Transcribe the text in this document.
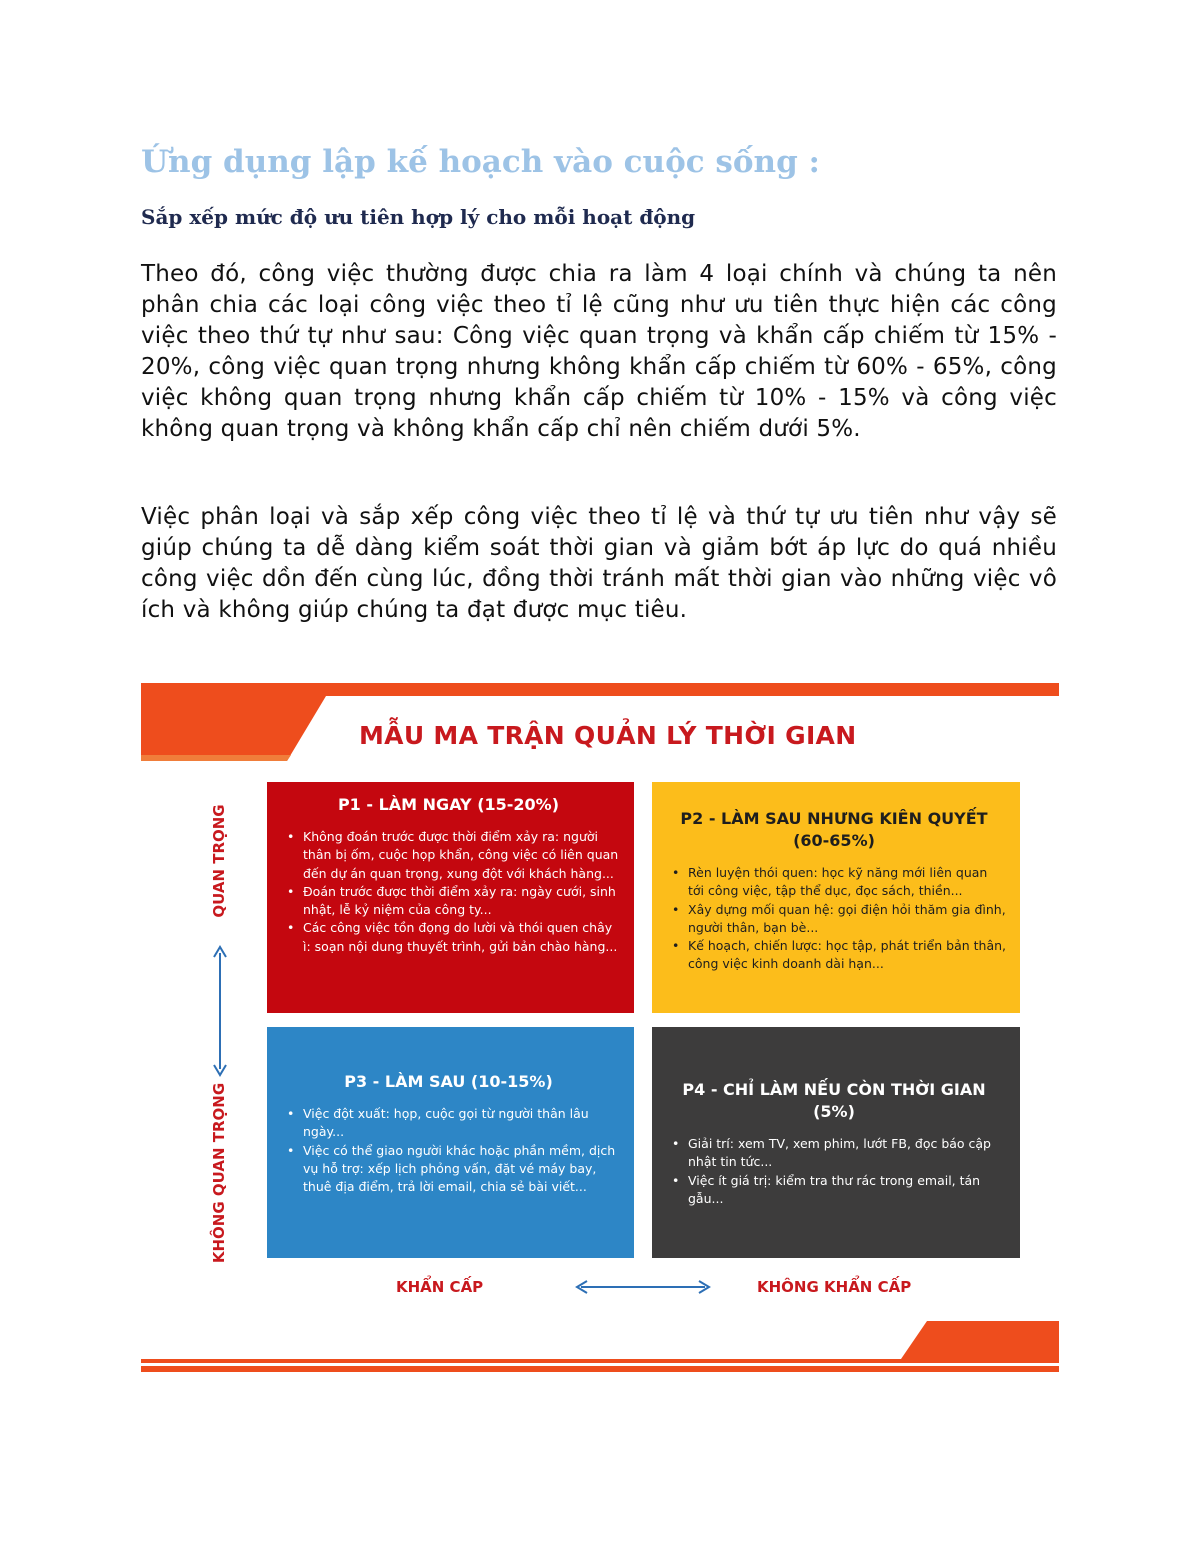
Ứng dụng lập kế hoạch vào cuộc sống :
Sắp xếp mức độ ưu tiên hợp lý cho mỗi hoạt động

Theo đó, công việc thường được chia ra làm 4 loại chính và chúng ta nên phân chia các loại công việc theo tỉ lệ cũng như ưu tiên thực hiện các công việc theo thứ tự như sau: Công việc quan trọng và khẩn cấp chiếm từ 15% - 20%, công việc quan trọng nhưng không khẩn cấp chiếm từ 60% - 65%, công việc không quan trọng nhưng khẩn cấp chiếm từ 10% - 15% và công việc không quan trọng và không khẩn cấp chỉ nên chiếm dưới 5%.

Việc phân loại và sắp xếp công việc theo tỉ lệ và thứ tự ưu tiên như vậy sẽ giúp chúng ta dễ dàng kiểm soát thời gian và giảm bớt áp lực do quá nhiều công việc dồn đến cùng lúc, đồng thời tránh mất thời gian vào những việc vô ích và không giúp chúng ta đạt được mục tiêu.

MẪU MA TRẬN QUẢN LÝ THỜI GIAN

P1 - LÀM NGAY (15-20%)

• Không đoán trước được thời điểm xảy ra: người thân bị ốm, cuộc họp khẩn, công việc có liên quan đến dự án quan trọng, xung đột với khách hàng...
• Đoán trước được thời điểm xảy ra: ngày cưới, sinh nhật, lễ kỷ niệm của công ty...
• Các công việc tồn đọng do lười và thói quen chây ì: soạn nội dung thuyết trình, gửi bản chào hàng...

P2 - LÀM SAU NHƯNG KIÊN QUYẾT (60-65%)

• Rèn luyện thói quen: học kỹ năng mới liên quan tới công việc, tập thể dục, đọc sách, thiền...
• Xây dựng mối quan hệ: gọi điện hỏi thăm gia đình, người thân, bạn bè...
• Kế hoạch, chiến lược: học tập, phát triển bản thân, công việc kinh doanh dài hạn...

P3 - LÀM SAU (10-15%)

• Việc đột xuất: họp, cuộc gọi từ người thân lâu ngày...
• Việc có thể giao người khác hoặc phần mềm, dịch vụ hỗ trợ: xếp lịch phỏng vấn, đặt vé máy bay, thuê địa điểm, trả lời email, chia sẻ bài viết...

P4 - CHỈ LÀM NẾU CÒN THỜI GIAN (5%)

• Giải trí: xem TV, xem phim, lướt FB, đọc báo cập nhật tin tức...
• Việc ít giá trị: kiểm tra thư rác trong email, tán gẫu...

QUAN TRỌNG

KHÔNG QUAN TRỌNG

KHẨN CẤP	KHÔNG KHẨN CẤP
